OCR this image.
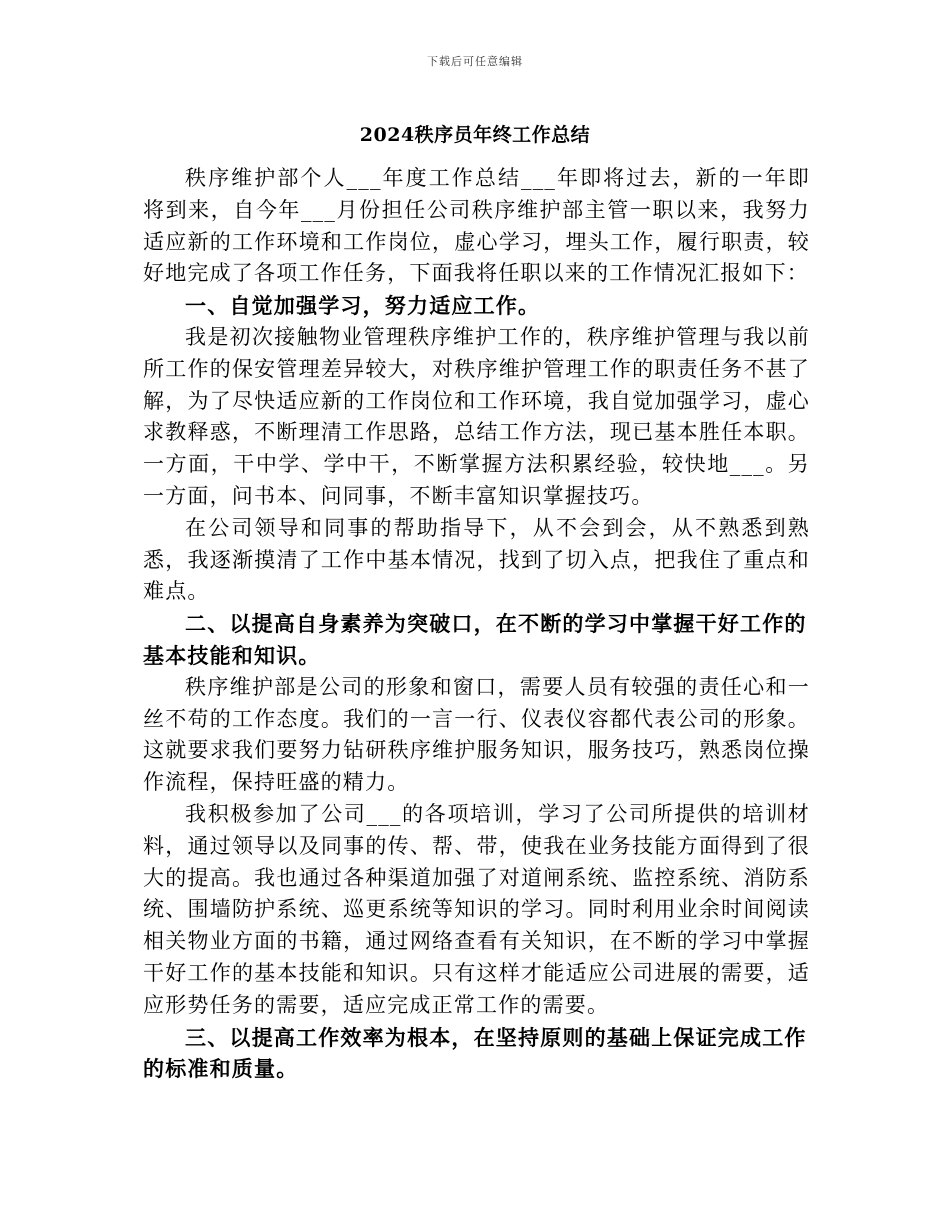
下载后可任意编辑
2024秩序员年终工作总结

秩序维护部个人___年度工作总结___年即将过去，新的一年即将到来，自今年___月份担任公司秩序维护部主管一职以来，我努力适应新的工作环境和工作岗位，虚心学习，埋头工作，履行职责，较好地完成了各项工作任务，下面我将任职以来的工作情况汇报如下：

一、自觉加强学习，努力适应工作。

我是初次接触物业管理秩序维护工作的，秩序维护管理与我以前所工作的保安管理差异较大，对秩序维护管理工作的职责任务不甚了解，为了尽快适应新的工作岗位和工作环境，我自觉加强学习，虚心求教释惑，不断理清工作思路，总结工作方法，现已基本胜任本职。一方面，干中学、学中干，不断掌握方法积累经验，较快地___。另一方面，问书本、问同事，不断丰富知识掌握技巧。

在公司领导和同事的帮助指导下，从不会到会，从不熟悉到熟悉，我逐渐摸清了工作中基本情况，找到了切入点，把我住了重点和难点。

二、以提高自身素养为突破口，在不断的学习中掌握干好工作的基本技能和知识。

秩序维护部是公司的形象和窗口，需要人员有较强的责任心和一丝不苟的工作态度。我们的一言一行、仪表仪容都代表公司的形象。这就要求我们要努力钻研秩序维护服务知识，服务技巧，熟悉岗位操作流程，保持旺盛的精力。

我积极参加了公司___的各项培训，学习了公司所提供的培训材料，通过领导以及同事的传、帮、带，使我在业务技能方面得到了很大的提高。我也通过各种渠道加强了对道闸系统、监控系统、消防系统、围墙防护系统、巡更系统等知识的学习。同时利用业余时间阅读相关物业方面的书籍，通过网络查看有关知识，在不断的学习中掌握干好工作的基本技能和知识。只有这样才能适应公司进展的需要，适应形势任务的需要，适应完成正常工作的需要。

三、以提高工作效率为根本，在坚持原则的基础上保证完成工作的标准和质量。
